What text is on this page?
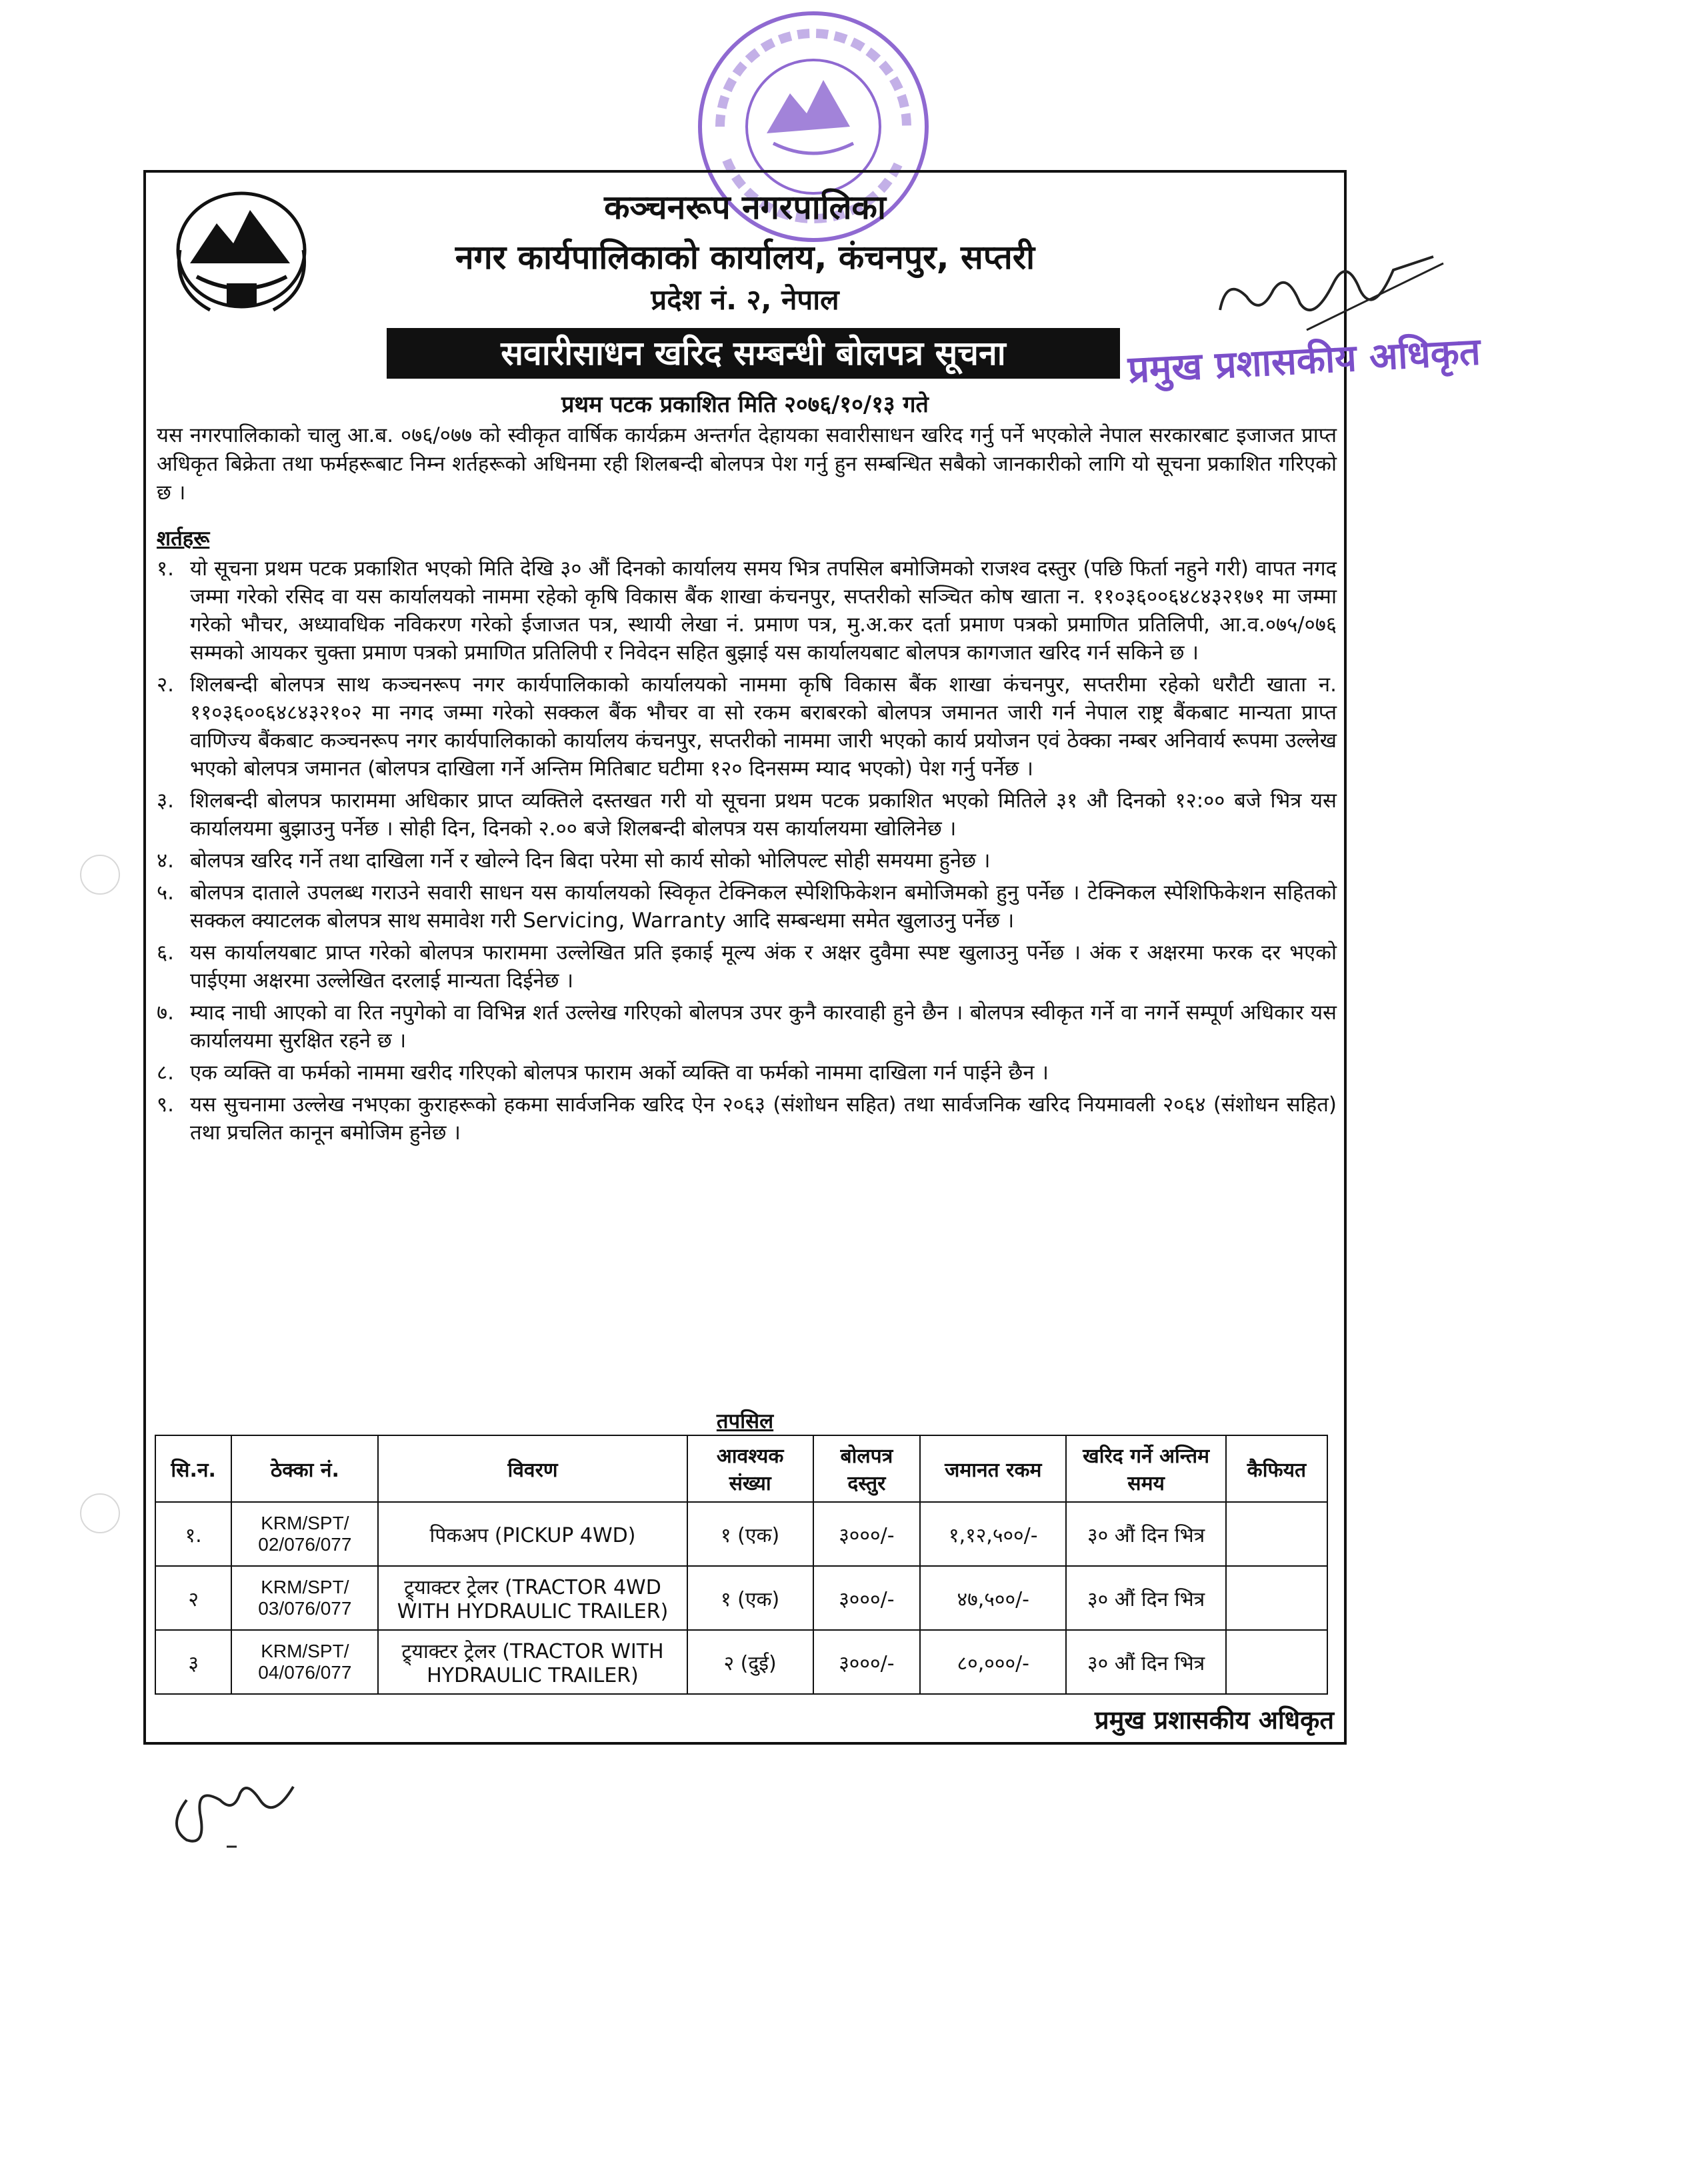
कञ्चनरूप नगरपालिका
नगर कार्यपालिकाको कार्यालय, कंचनपुर, सप्तरी
प्रदेश नं. २, नेपाल
सवारीसाधन खरिद सम्बन्धी बोलपत्र सूचना
प्रथम पटक प्रकाशित मिति २०७६/१०/१३ गते
यस नगरपालिकाको चालु आ.ब. ०७६/०७७ को स्वीकृत वार्षिक कार्यक्रम अन्तर्गत देहायका सवारीसाधन खरिद गर्नु पर्ने भएकोले नेपाल सरकारबाट इजाजत प्राप्त अधिकृत बिक्रेता तथा फर्महरूबाट निम्न शर्तहरूको अधिनमा रही शिलबन्दी बोलपत्र पेश गर्नु हुन सम्बन्धित सबैको जानकारीको लागि यो सूचना प्रकाशित गरिएको छ ।
शर्तहरू
१. यो सूचना प्रथम पटक प्रकाशित भएको मिति देखि ३० औं दिनको कार्यालय समय भित्र तपसिल बमोजिमको राजश्व दस्तुर (पछि फिर्ता नहुने गरी) वापत नगद जम्मा गरेको रसिद वा यस कार्यालयको नाममा रहेको कृषि विकास बैंक शाखा कंचनपुर, सप्तरीको सञ्चित कोष खाता न. ११०३६००६४८४३२१७१ मा जम्मा गरेको भौचर, अध्यावधिक नविकरण गरेको ईजाजत पत्र, स्थायी लेखा नं. प्रमाण पत्र, मु.अ.कर दर्ता प्रमाण पत्रको प्रमाणित प्रतिलिपी, आ.व.०७५/०७६ सम्मको आयकर चुक्ता प्रमाण पत्रको प्रमाणित प्रतिलिपी र निवेदन सहित बुझाई यस कार्यालयबाट बोलपत्र कागजात खरिद गर्न सकिने छ ।
२. शिलबन्दी बोलपत्र साथ कञ्चनरूप नगर कार्यपालिकाको कार्यालयको नाममा कृषि विकास बैंक शाखा कंचनपुर, सप्तरीमा रहेको धरौटी खाता न. ११०३६००६४८४३२१०२ मा नगद जम्मा गरेको सक्कल बैंक भौचर वा सो रकम बराबरको बोलपत्र जमानत जारी गर्न नेपाल राष्ट्र बैंकबाट मान्यता प्राप्त वाणिज्य बैंकबाट कञ्चनरूप नगर कार्यपालिकाको कार्यालय कंचनपुर, सप्तरीको नाममा जारी भएको कार्य प्रयोजन एवं ठेक्का नम्बर अनिवार्य रूपमा उल्लेख भएको बोलपत्र जमानत (बोलपत्र दाखिला गर्ने अन्तिम मितिबाट घटीमा १२० दिनसम्म म्याद भएको) पेश गर्नु पर्नेछ ।
३. शिलबन्दी बोलपत्र फाराममा अधिकार प्राप्त व्यक्तिले दस्तखत गरी यो सूचना प्रथम पटक प्रकाशित भएको मितिले ३१ औ दिनको १२:०० बजे भित्र यस कार्यालयमा बुझाउनु पर्नेछ । सोही दिन, दिनको २.०० बजे शिलबन्दी बोलपत्र यस कार्यालयमा खोलिनेछ ।
४. बोलपत्र खरिद गर्ने तथा दाखिला गर्ने र खोल्ने दिन बिदा परेमा सो कार्य सोको भोलिपल्ट सोही समयमा हुनेछ ।
५. बोलपत्र दाताले उपलब्ध गराउने सवारी साधन यस कार्यालयको स्विकृत टेक्निकल स्पेशिफिकेशन बमोजिमको हुनु पर्नेछ । टेक्निकल स्पेशिफिकेशन सहितको सक्कल क्याटलक बोलपत्र साथ समावेश गरी Servicing, Warranty आदि सम्बन्धमा समेत खुलाउनु पर्नेछ ।
६. यस कार्यालयबाट प्राप्त गरेको बोलपत्र फाराममा उल्लेखित प्रति इकाई मूल्य अंक र अक्षर दुवैमा स्पष्ट खुलाउनु पर्नेछ । अंक र अक्षरमा फरक दर भएको पाईएमा अक्षरमा उल्लेखित दरलाई मान्यता दिईनेछ ।
७. म्याद नाघी आएको वा रित नपुगेको वा विभिन्न शर्त उल्लेख गरिएको बोलपत्र उपर कुनै कारवाही हुने छैन । बोलपत्र स्वीकृत गर्ने वा नगर्ने सम्पूर्ण अधिकार यस कार्यालयमा सुरक्षित रहने छ ।
८. एक व्यक्ति वा फर्मको नाममा खरीद गरिएको बोलपत्र फाराम अर्को व्यक्ति वा फर्मको नाममा दाखिला गर्न पाईने छैन ।
९. यस सुचनामा उल्लेख नभएका कुराहरूको हकमा सार्वजनिक खरिद ऐन २०६३ (संशोधन सहित) तथा सार्वजनिक खरिद नियमावली २०६४ (संशोधन सहित) तथा प्रचलित कानून बमोजिम हुनेछ ।
तपसिल
सि.न.	ठेक्का नं.	विवरण	आवश्यक संख्या	बोलपत्र दस्तुर	जमानत रकम	खरिद गर्ने अन्तिम समय	कैफियत
१.	KRM/SPT/ 02/076/077	पिकअप (PICKUP 4WD)	१ (एक)	३०००/-	१,१२,५००/-	३० औं दिन भित्र	
२	KRM/SPT/ 03/076/077	ट्र्याक्टर ट्रेलर (TRACTOR 4WD WITH HYDRAULIC TRAILER)	१ (एक)	३०००/-	४७,५००/-	३० औं दिन भित्र	
३	KRM/SPT/ 04/076/077	ट्र्याक्टर ट्रेलर (TRACTOR WITH HYDRAULIC TRAILER)	२ (दुई)	३०००/-	८०,०००/-	३० औं दिन भित्र	
प्रमुख प्रशासकीय अधिकृत
प्रमुख प्रशासकीय अधिकृत
